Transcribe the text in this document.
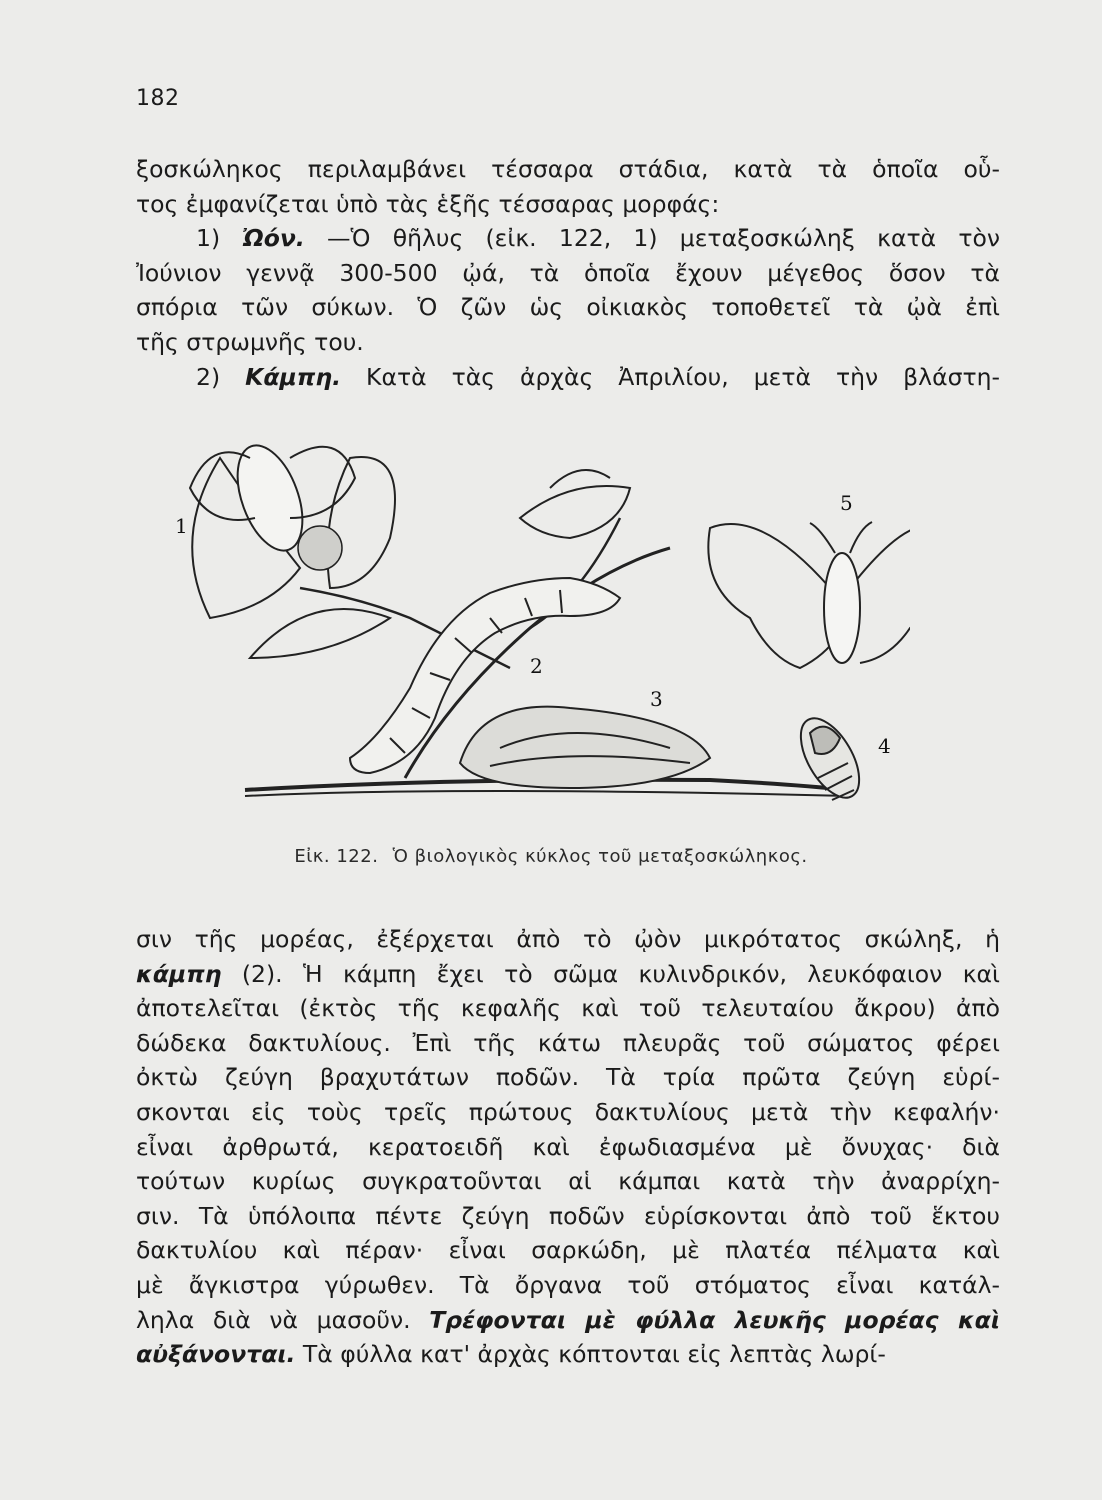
182

ξοσκώληκος περιλαμβάνει τέσσαρα στάδια, κατὰ τὰ ὁποῖα οὗ-

τος ἐμφανίζεται ὑπὸ τὰς ἑξῆς τέσσαρας μορφάς:

1) Ὠόν. —Ὁ θῆλυς (εἰκ. 122, 1) μεταξοσκώληξ κατὰ τὸν

Ἰούνιον γεννᾷ 300-500 ᾠά, τὰ ὁποῖα ἔχουν μέγεθος ὅσον τὰ

σπόρια τῶν σύκων. Ὁ ζῶν ὡς οἰκιακὸς τοποθετεῖ τὰ ᾠὰ ἐπὶ

τῆς στρωμνῆς του.

2) Κάμπη. Κατὰ τὰς ἀρχὰς Ἀπριλίου, μετὰ τὴν βλάστη-

1
2
3
4
5
Εἰκ. 122. Ὁ βιολογικὸς κύκλος τοῦ μεταξοσκώληκος.

σιν τῆς μορέας, ἐξέρχεται ἀπὸ τὸ ᾠὸν μικρότατος σκώληξ, ἡ

κάμπη (2). Ἡ κάμπη ἔχει τὸ σῶμα κυλινδρικόν, λευκόφαιον καὶ

ἀποτελεῖται (ἐκτὸς τῆς κεφαλῆς καὶ τοῦ τελευταίου ἄκρου) ἀπὸ

δώδεκα δακτυλίους. Ἐπὶ τῆς κάτω πλευρᾶς τοῦ σώματος φέρει

ὀκτὼ ζεύγη βραχυτάτων ποδῶν. Τὰ τρία πρῶτα ζεύγη εὑρί-

σκονται εἰς τοὺς τρεῖς πρώτους δακτυλίους μετὰ τὴν κεφαλήν·

εἶναι ἀρθρωτά, κερατοειδῆ καὶ ἐφωδιασμένα μὲ ὄνυχας· διὰ

τούτων κυρίως συγκρατοῦνται αἱ κάμπαι κατὰ τὴν ἀναρρίχη-

σιν. Τὰ ὑπόλοιπα πέντε ζεύγη ποδῶν εὑρίσκονται ἀπὸ τοῦ ἕκτου

δακτυλίου καὶ πέραν· εἶναι σαρκώδη, μὲ πλατέα πέλματα καὶ

μὲ ἄγκιστρα γύρωθεν. Τὰ ὄργανα τοῦ στόματος εἶναι κατάλ-

ληλα διὰ νὰ μασοῦν. Τρέφονται μὲ φύλλα λευκῆς μορέας καὶ

αὐξάνονται. Τὰ φύλλα κατ' ἀρχὰς κόπτονται εἰς λεπτὰς λωρί-
